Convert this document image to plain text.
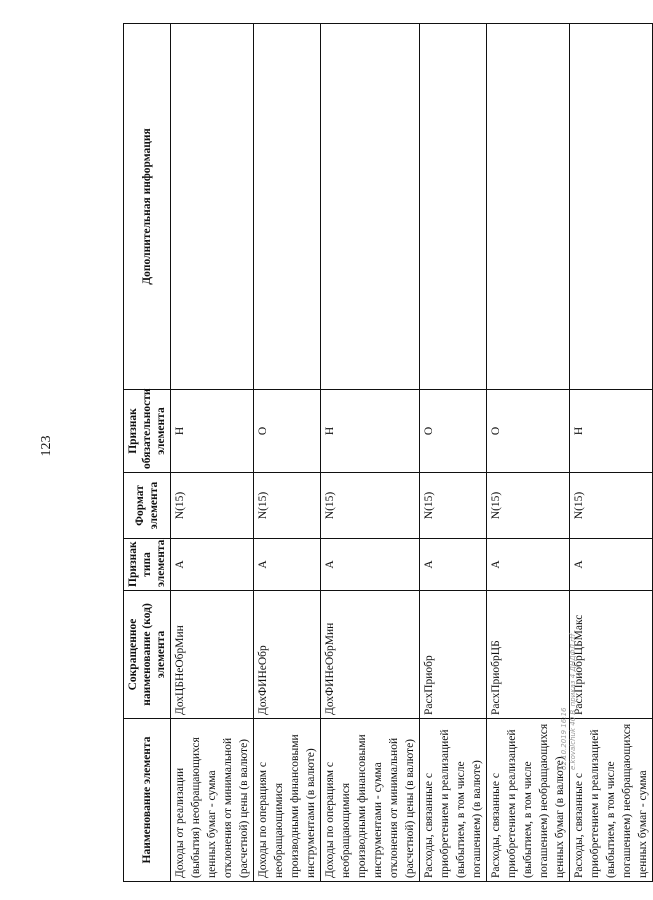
123
Наименование элемента	Сокращенное наименование (код) элемента	Признак типа элемента	Формат элемента	Признак обязательности элемента	Дополнительная информация
Доходы от реализации (выбытия) необращающихся ценных бумаг - сумма отклонения от минимальной (расчетной) цены (в валюте)	ДохЦБНеОбрМин	А	N(15)	Н	
Доходы по операциям с необращающимися производными финансовыми инструментами (в валюте)	ДохФИНеОбр	А	N(15)	О	
Доходы по операциям с необращающимися производными финансовыми инструментами - сумма отклонения от минимальной (расчетной) цены (в валюте)	ДохФИНеОбрМин	А	N(15)	Н	
Расходы, связанные с приобретением и реализацией (выбытием, в том числе погашением) (в валюте)	РасхПриобр	А	N(15)	О	
Расходы, связанные с приобретением и реализацией (выбытием, в том числе погашением) необращающихся ценных бумаг (в валюте)	РасхПриобрЦБ	А	N(15)	О	
Расходы, связанные с приобретением и реализацией (выбытием, в том числе погашением) необращающихся ценных бумаг - сумма	РасхПриобрЦБМакс	А	N(15)	Н	
02.10.2019 16:16 e.kovalchuk 40 В_приказ 4 ДНДФЛ.rtf
